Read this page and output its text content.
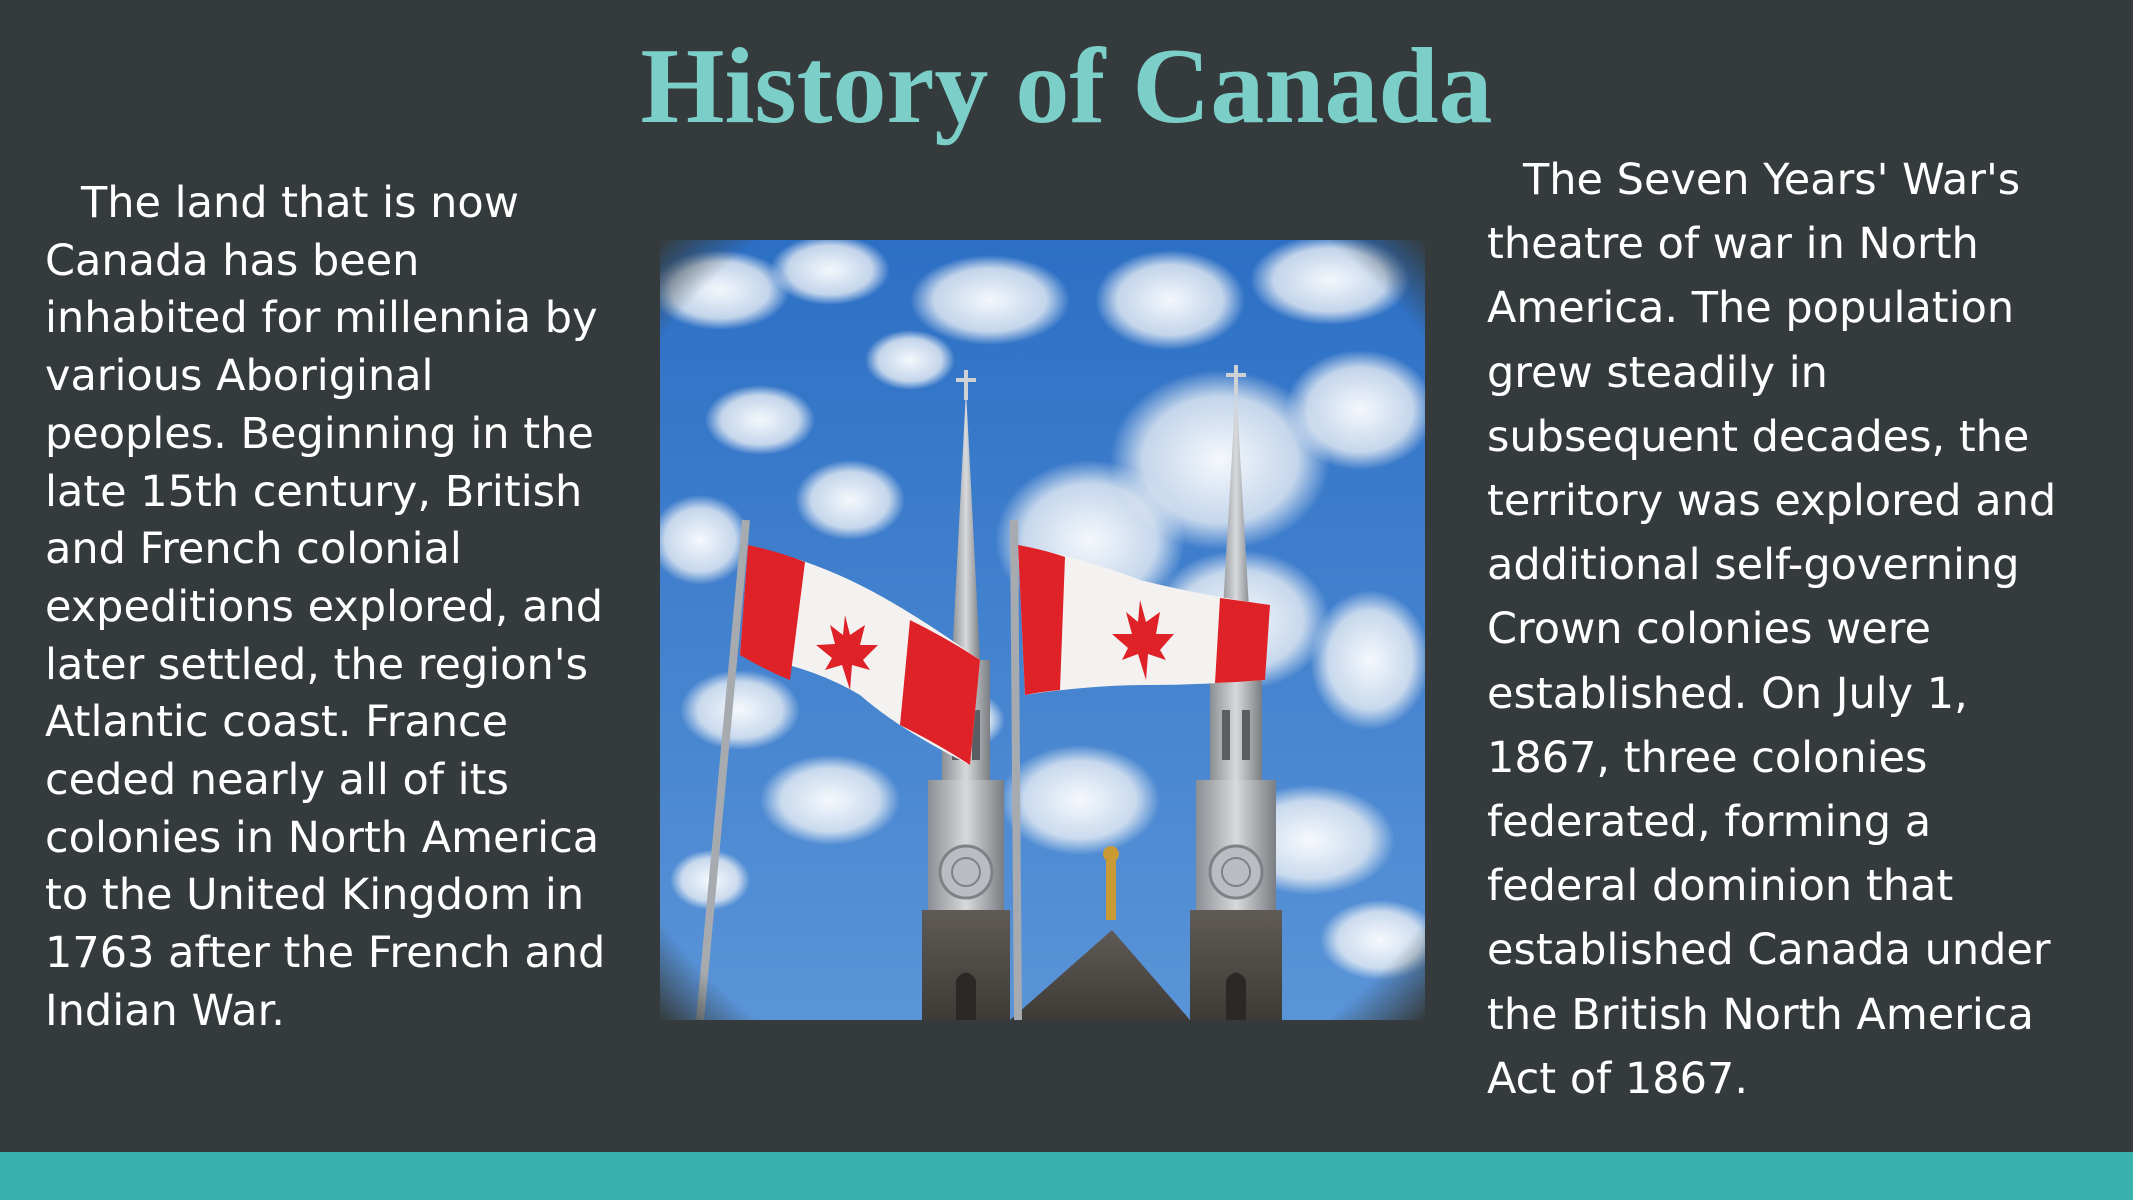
History of Canada

The land that is now Canada has been inhabited for millennia by various Aboriginal peoples. Beginning in the late 15th century, British and French colonial expeditions explored, and later settled, the region's Atlantic coast. France ceded nearly all of its colonies in North America to the United Kingdom in 1763 after the French and Indian War.

The Seven Years' War's theatre of war in North America. The population grew steadily in subsequent decades, the territory was explored and additional self-governing Crown colonies were established. On July 1, 1867, three colonies federated, forming a federal dominion that established Canada under the British North America Act of 1867.
